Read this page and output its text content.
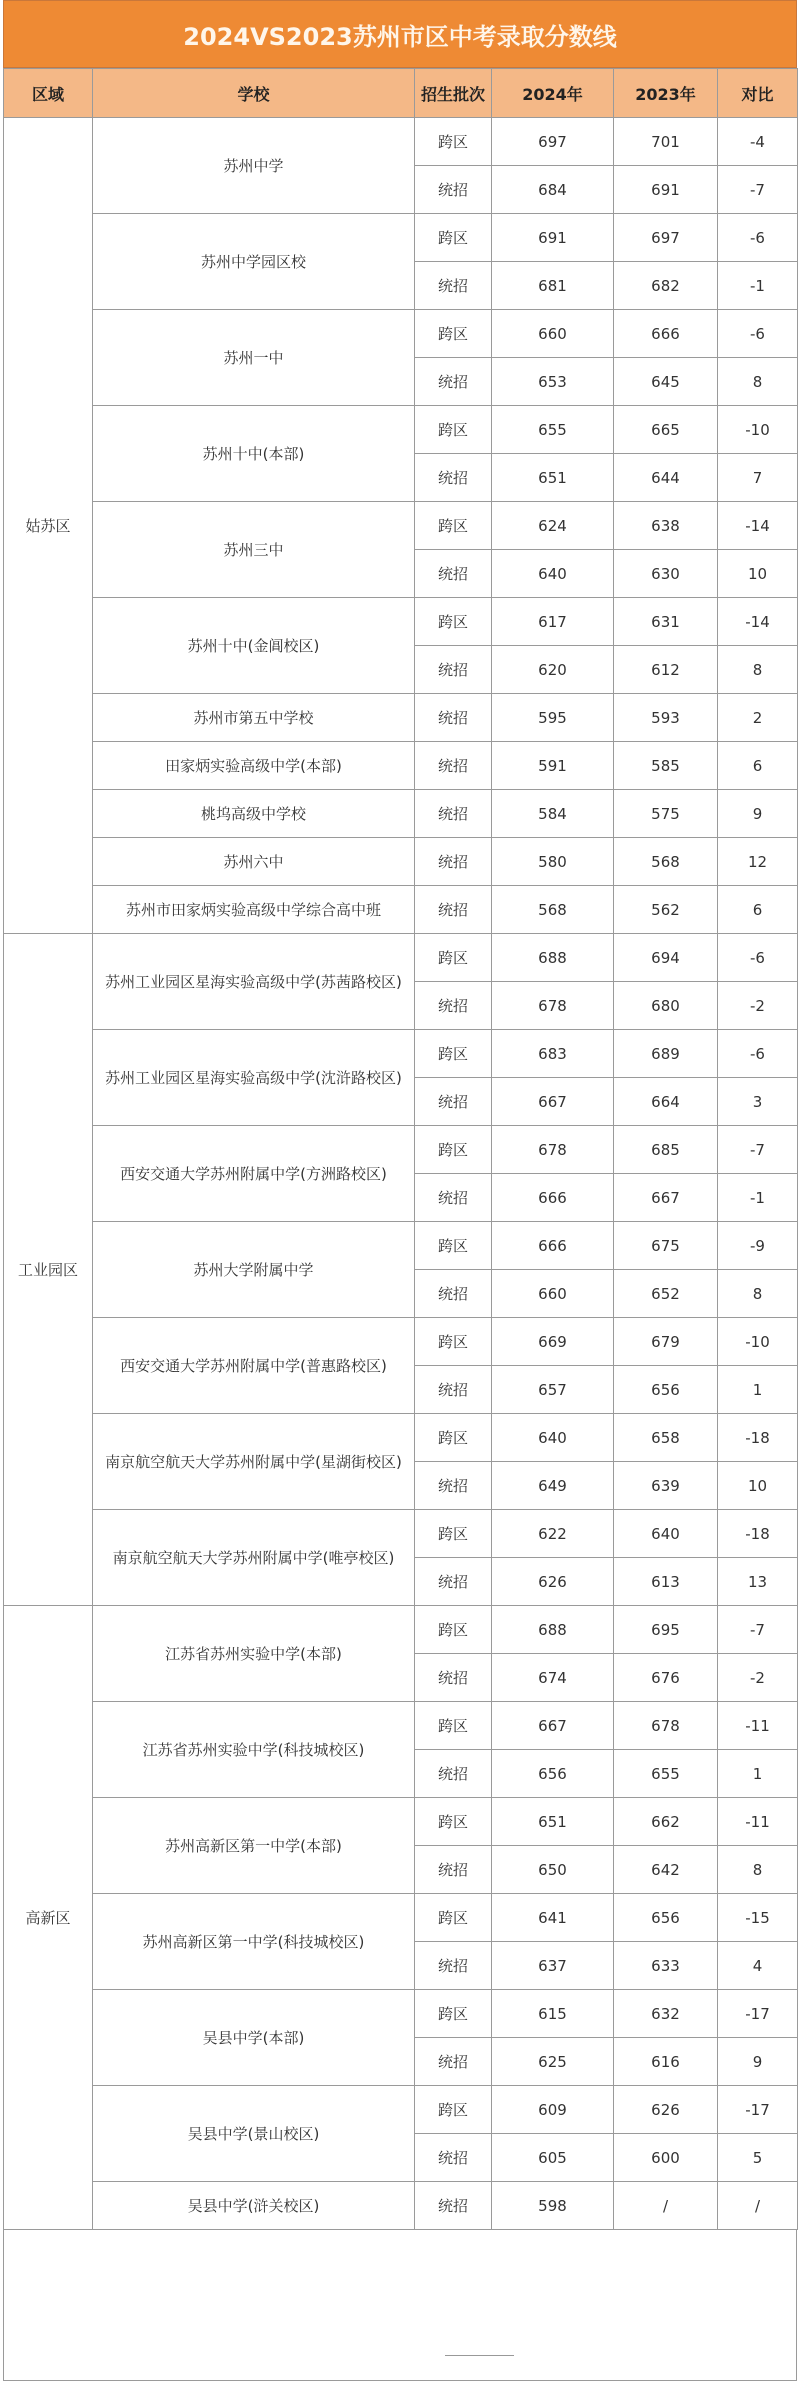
2024VS2023苏州市区中考录取分数线
区域	学校	招生批次	2024年	2023年	对比
姑苏区	苏州中学	跨区	697	701	-4
		统招	684	691	-7
	苏州中学园区校	跨区	691	697	-6
		统招	681	682	-1
	苏州一中	跨区	660	666	-6
		统招	653	645	8
	苏州十中(本部)	跨区	655	665	-10
		统招	651	644	7
	苏州三中	跨区	624	638	-14
		统招	640	630	10
	苏州十中(金阊校区)	跨区	617	631	-14
		统招	620	612	8
	苏州市第五中学校	统招	595	593	2
	田家炳实验高级中学(本部)	统招	591	585	6
	桃坞高级中学校	统招	584	575	9
	苏州六中	统招	580	568	12
	苏州市田家炳实验高级中学综合高中班	统招	568	562	6
工业园区	苏州工业园区星海实验高级中学(苏茜路校区)	跨区	688	694	-6
		统招	678	680	-2
	苏州工业园区星海实验高级中学(沈浒路校区)	跨区	683	689	-6
		统招	667	664	3
	西安交通大学苏州附属中学(方洲路校区)	跨区	678	685	-7
		统招	666	667	-1
	苏州大学附属中学	跨区	666	675	-9
		统招	660	652	8
	西安交通大学苏州附属中学(普惠路校区)	跨区	669	679	-10
		统招	657	656	1
	南京航空航天大学苏州附属中学(星湖街校区)	跨区	640	658	-18
		统招	649	639	10
	南京航空航天大学苏州附属中学(唯亭校区)	跨区	622	640	-18
		统招	626	613	13
高新区	江苏省苏州实验中学(本部)	跨区	688	695	-7
		统招	674	676	-2
	江苏省苏州实验中学(科技城校区)	跨区	667	678	-11
		统招	656	655	1
	苏州高新区第一中学(本部)	跨区	651	662	-11
		统招	650	642	8
	苏州高新区第一中学(科技城校区)	跨区	641	656	-15
		统招	637	633	4
	吴县中学(本部)	跨区	615	632	-17
		统招	625	616	9
	吴县中学(景山校区)	跨区	609	626	-17
		统招	605	600	5
	吴县中学(浒关校区)	统招	598	/	/
